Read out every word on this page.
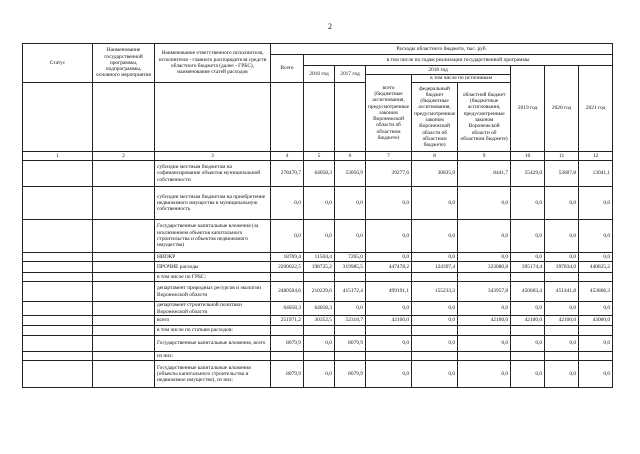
2
Статус	Наименование государственной программы, подпрограммы, основного мероприятия	Наименование ответственного исполнителя, исполнителя - главного распорядителя средств областного бюджета (далее - ГРБС), наименование статей расходов	Расходы областного бюджета, тыс. руб.								
			Всего	в том числе по годам реализации государственной программы							
				2016 год	2017 год	2018 год			2019 год	2020 год	2021 год
						всего (бюджетные ассигнования, предусмотренные законом Воронежской области об областном бюджете)	в том числе по источникам				
							федеральный бюджет (бюджетные ассигнования, предусмотренные законом Воронежской области об областном бюджете)	областной бюджет (бюджетные ассигнования, предусмотренные законом Воронежской области об областном бюджете)			
1	2	3	4	5	6	7	8	9	10	11	12
		субсидии местным бюджетам на софинансирование объектов муниципальной собственности	278470,7	64058,3	53056,9	39277,6	30835,9	8441,7	55429,0	53607,8	13041,1
		субсидии местным бюджетам на приобретение недвижимого имущества в муниципальную собственность	0,0	0,0	0,0	0,0	0,0	0,0	0,0	0,0	0,0
		Государственные капитальные вложения (за исключением объектов капитального строительства и объектов недвижимого имущества)	0,0	0,0	0,0	0,0	0,0	0,0	0,0	0,0	0,0
		НИОКР	18769,4	11504,4	7265,0	0,0	0,0	0,0	0,0	0,0	0,0
		ПРОЧИЕ расходы	2200022,5	198725,2	319985,5	447478,2	124397,4	323080,8	395174,4	397834,0	440825,2
		в том числе по ГРБС:									
		департамент природных ресурсов и экологии Воронежской области	2480504,6	210229,6	415172,4	499191,1	155233,3	343957,8	450603,4	451441,8	453866,3
		департамент строительной политики Воронежской области	64058,3	64058,3	0,0	0,0	0,0	0,0	0,0	0,0	0,0
		всего	251971,2	30352,5	52318,7	42100,0	0,0	42100,0	42100,0	42100,0	43000,0
		в том числе по статьям расходов:									
		Государственные капитальные вложения, всего	8079,9	0,0	8079,9	0,0	0,0	0,0	0,0	0,0	0,0
		из них:									
		Государственные капитальные вложения (объекты капитального строительства и недвижимое имущество), из них:	8079,9	0,0	8079,9	0,0	0,0	0,0	0,0	0,0	0,0
